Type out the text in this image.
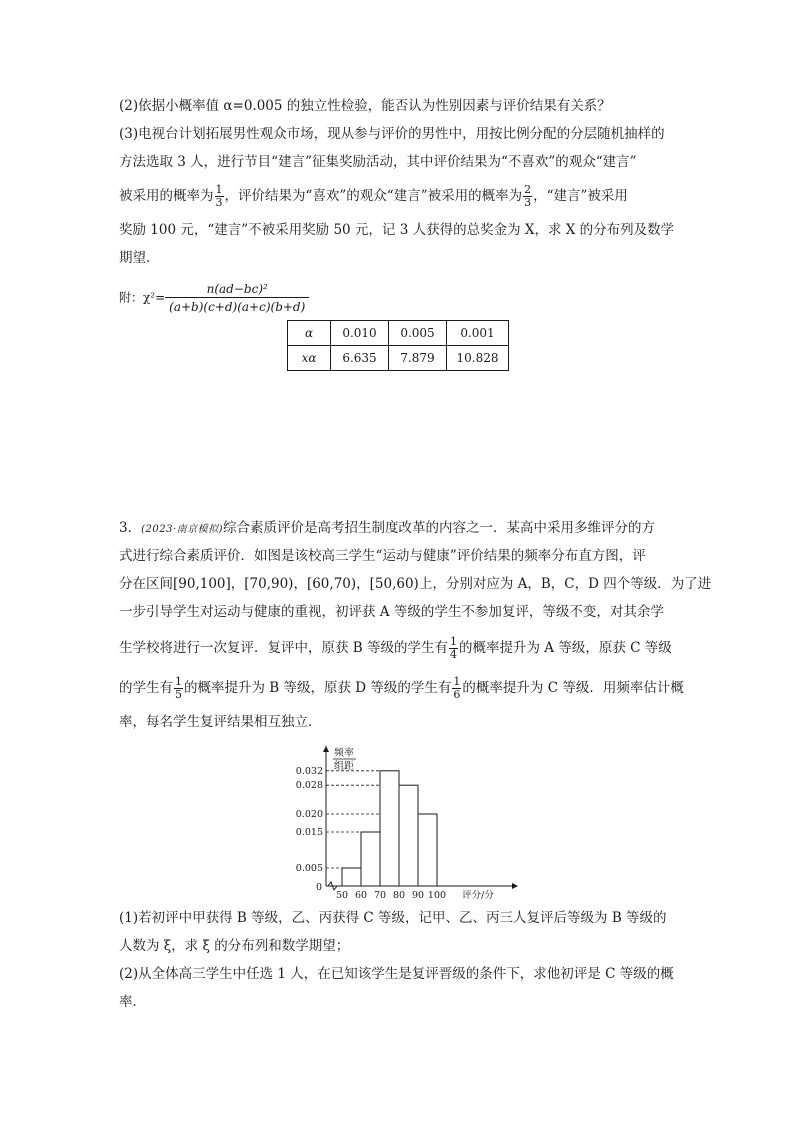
(2)依据小概率值 α=0.005 的独立性检验，能否认为性别因素与评价结果有关系？
(3)电视台计划拓展男性观众市场，现从参与评价的男性中，用按比例分配的分层随机抽样的
方法选取 3 人，进行节目“建言”征集奖励活动，其中评价结果为“不喜欢”的观众“建言”
被采用的概率为 $\frac{1}{3}$ ，评价结果为“喜欢”的观众“建言”被采用的概率为 $\frac{2}{3}$ ，“建言”被采用
奖励 100 元，“建言”不被采用奖励 50 元，记 3 人获得的总奖金为 X，求 X 的分布列及数学
期望．
附：$\chi^2= \frac{\text{n(ad−bc)²}}{(a+b)(c+d)(a+c)(b+d)}$
α	0.010	0.005	0.001
xα	6.635	7.879	10.828
3．(2023·南京模拟)综合素质评价是高考招生制度改革的内容之一．某高中采用多维评分的方
式进行综合素质评价．如图是该校高三学生“运动与健康”评价结果的频率分布直方图，评
分在区间[90,100]，[70,90)，[60,70)，[50,60)上，分别对应为 A，B，C，D 四个等级．为了进
一步引导学生对运动与健康的重视，初评获 A 等级的学生不参加复评，等级不变，对其余学
生学校将进行一次复评．复评中，原获 B 等级的学生有 $\frac{1}{4}$ 的概率提升为 A 等级，原获 C 等级
的学生有 $\frac{1}{5}$ 的概率提升为 B 等级，原获 D 等级的学生有 $\frac{1}{6}$ 的概率提升为 C 等级．用频率估计概
率，每名学生复评结果相互独立．
频率
组距
0.005
0.015
0.020
0.028
0.032
0
50 60 70 80 90 100 评分/分
(1)若初评中甲获得 B 等级，乙、丙获得 C 等级，记甲、乙、丙三人复评后等级为 B 等级的
人数为 ξ，求 ξ 的分布列和数学期望；
(2)从全体高三学生中任选 1 人，在已知该学生是复评晋级的条件下，求他初评是 C 等级的概
率．
